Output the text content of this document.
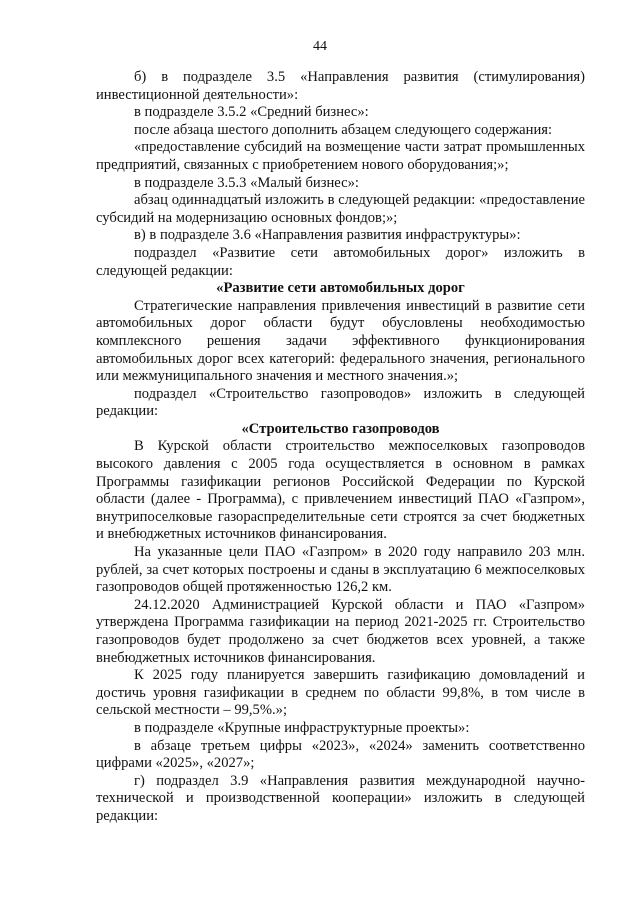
44

б) в подразделе 3.5 «Направления развития (стимулирования) инвестиционной деятельности»:

в подразделе 3.5.2 «Средний бизнес»:

после абзаца шестого дополнить абзацем следующего содержания:

«предоставление субсидий на возмещение части затрат промышленных предприятий, связанных с приобретением нового оборудования;»;

в подразделе 3.5.3 «Малый бизнес»:

абзац одиннадцатый изложить в следующей редакции: «предоставление субсидий на модернизацию основных фондов;»;

в) в подразделе 3.6 «Направления развития инфраструктуры»:

подраздел «Развитие сети автомобильных дорог» изложить в следующей редакции:

«Развитие сети автомобильных дорог

Стратегические направления привлечения инвестиций в развитие сети автомобильных дорог области будут обусловлены необходимостью комплексного решения задачи эффективного функционирования автомобильных дорог всех категорий: федерального значения, регионального или межмуниципального значения и местного значения.»;

подраздел «Строительство газопроводов» изложить в следующей редакции:

«Строительство газопроводов

В Курской области строительство межпоселковых газопроводов высокого давления с 2005 года осуществляется в основном в рамках Программы газификации регионов Российской Федерации по Курской области (далее - Программа), с привлечением инвестиций ПАО «Газпром», внутрипоселковые газораспределительные сети строятся за счет бюджетных и внебюджетных источников финансирования.

На указанные цели ПАО «Газпром» в 2020 году направило 203 млн. рублей, за счет которых построены и сданы в эксплуатацию 6 межпоселковых газопроводов общей протяженностью 126,2 км.

24.12.2020 Администрацией Курской области и ПАО «Газпром» утверждена Программа газификации на период 2021-2025 гг. Строительство газопроводов будет продолжено за счет бюджетов всех уровней, а также внебюджетных источников финансирования.

К 2025 году планируется завершить газификацию домовладений и достичь уровня газификации в среднем по области 99,8%, в том числе в сельской местности – 99,5%.»;

в подразделе «Крупные инфраструктурные проекты»:

в абзаце третьем цифры «2023», «2024» заменить соответственно цифрами «2025», «2027»;

г) подраздел 3.9 «Направления развития международной научно-технической и производственной кооперации» изложить в следующей редакции:
